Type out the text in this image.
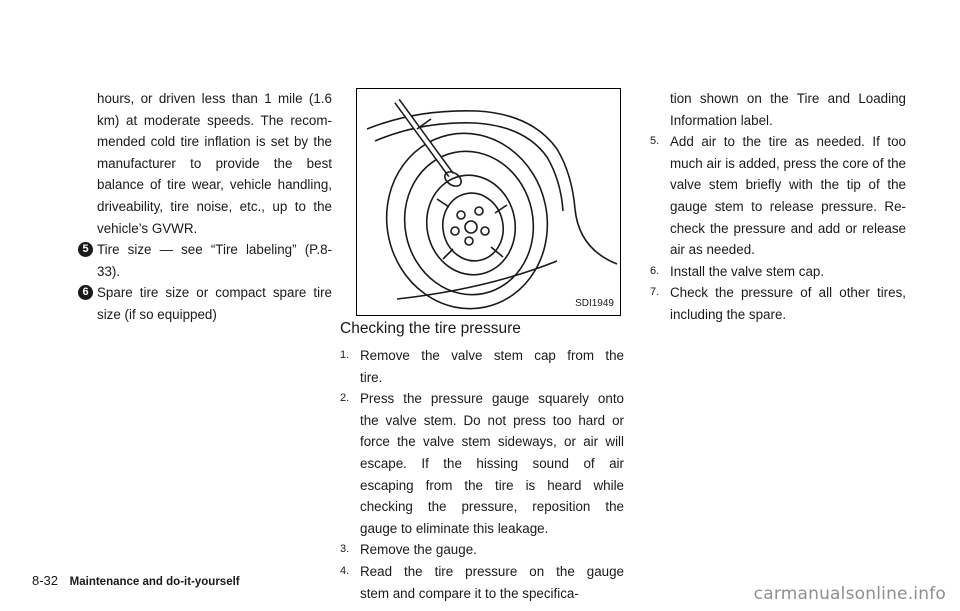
hours, or driven less than 1 mile (1.6

km) at moderate speeds. The recom-

mended cold tire inflation is set by the

manufacturer to provide the best

balance of tire wear, vehicle handling,

driveability, tire noise, etc., up to the

vehicle’s GVWR.

5 Tire size — see “Tire labeling” (P.8-

33).

6 Spare tire size or compact spare tire

size (if so equipped)

SDI1949
Checking the tire pressure
1. Remove the valve stem cap from the

tire.

2. Press the pressure gauge squarely onto

the valve stem. Do not press too hard or

force the valve stem sideways, or air will

escape. If the hissing sound of air

escaping from the tire is heard while

checking the pressure, reposition the

gauge to eliminate this leakage.

3. Remove the gauge.

4. Read the tire pressure on the gauge

stem and compare it to the specifica-

tion shown on the Tire and Loading

Information label.

5. Add air to the tire as needed. If too

much air is added, press the core of the

valve stem briefly with the tip of the

gauge stem to release pressure. Re-

check the pressure and add or release

air as needed.

6. Install the valve stem cap.

7. Check the pressure of all other tires,

including the spare.

8-32 Maintenance and do-it-yourself
carmanualsonline.info
